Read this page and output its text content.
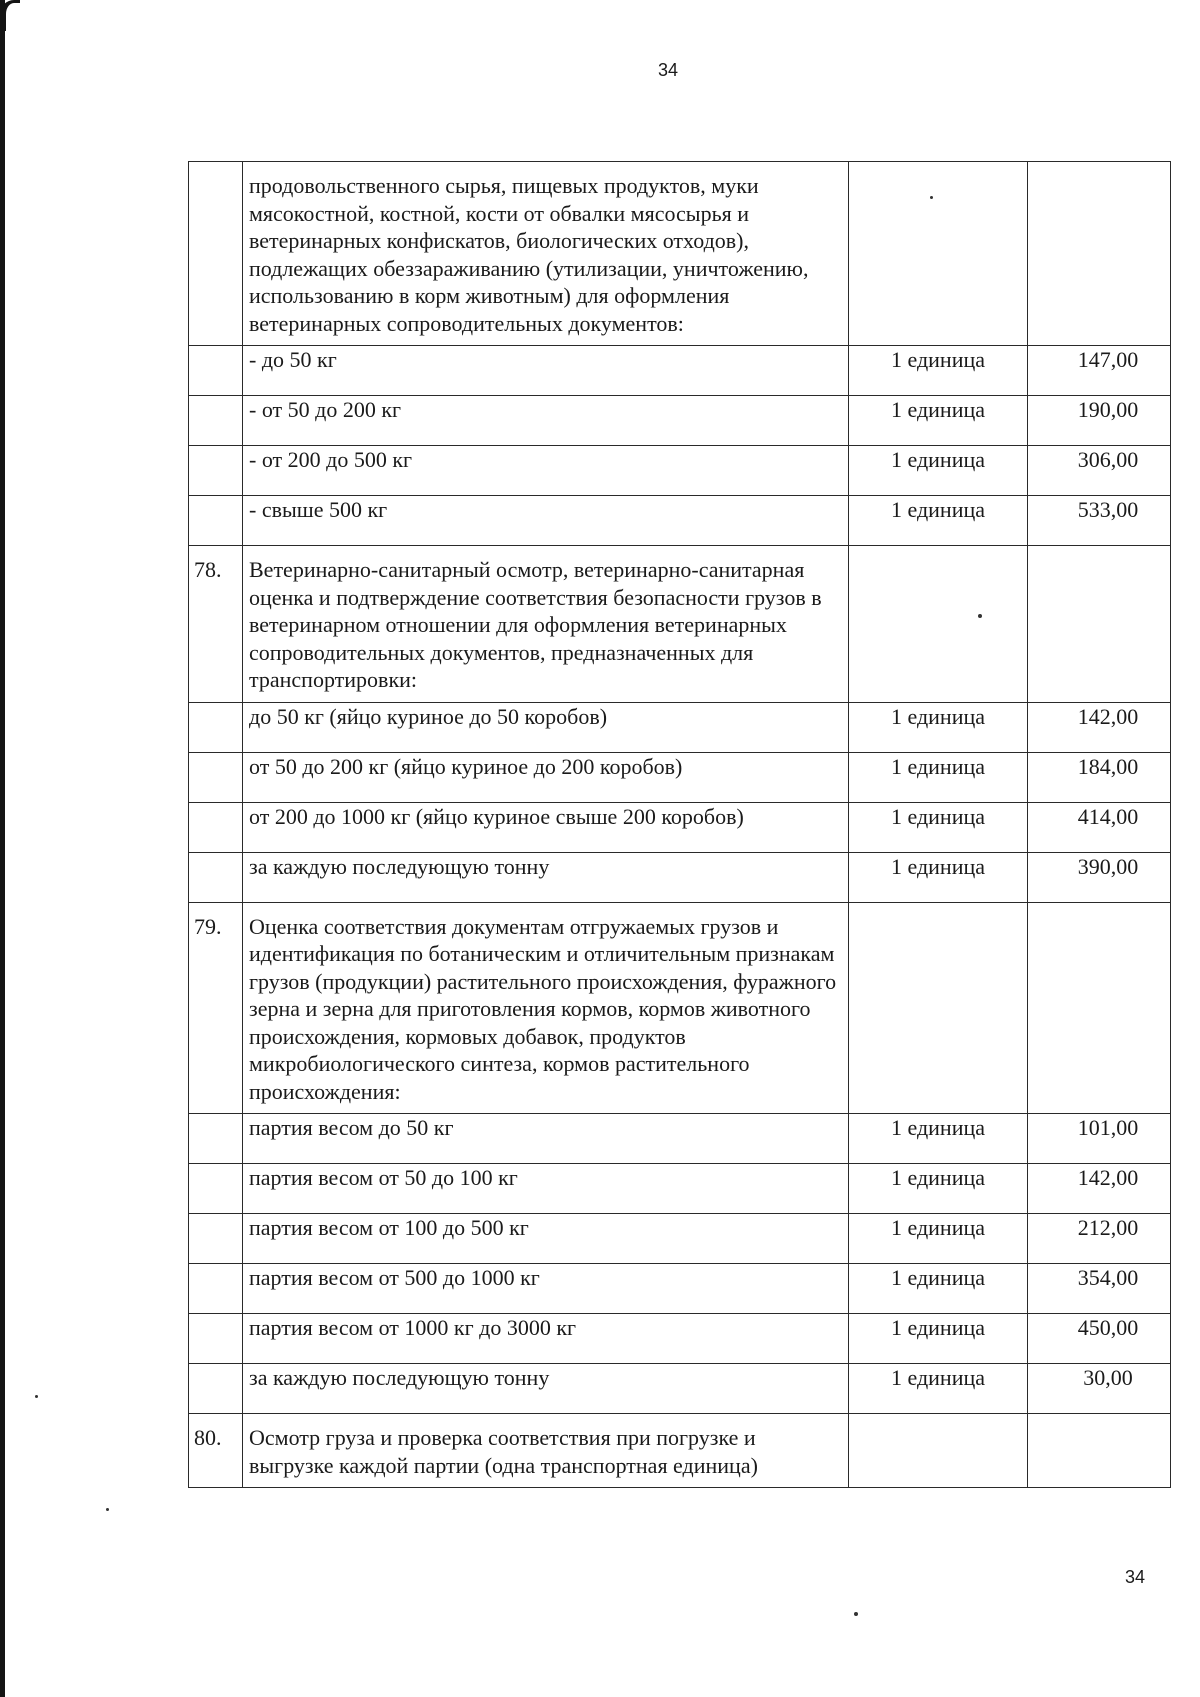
34
	продовольственного сырья, пищевых продуктов, муки мясокостной, костной, кости от обвалки мясосырья и ветеринарных конфискатов, биологических отходов), подлежащих обеззараживанию (утилизации, уничтожению, использованию в корм животным) для оформления ветеринарных сопроводительных документов:		
	- до 50 кг	1 единица	147,00
	- от 50 до 200 кг	1 единица	190,00
	- от 200 до 500 кг	1 единица	306,00
	- свыше 500 кг	1 единица	533,00
78.	Ветеринарно-санитарный осмотр, ветеринарно-санитарная оценка и подтверждение соответствия безопасности грузов в ветеринарном отношении для оформления ветеринарных сопроводительных документов, предназначенных для транспортировки:		
	до 50 кг (яйцо куриное до 50 коробов)	1 единица	142,00
	от 50 до 200 кг (яйцо куриное до 200 коробов)	1 единица	184,00
	от 200 до 1000 кг (яйцо куриное свыше 200 коробов)	1 единица	414,00
	за каждую последующую тонну	1 единица	390,00
79.	Оценка соответствия документам отгружаемых грузов и идентификация по ботаническим и отличительным признакам грузов (продукции) растительного происхождения, фуражного зерна и зерна для приготовления кормов, кормов животного происхождения, кормовых добавок, продуктов микробиологического синтеза, кормов растительного происхождения:		
	партия весом до 50 кг	1 единица	101,00
	партия весом от 50 до 100 кг	1 единица	142,00
	партия весом от 100 до 500 кг	1 единица	212,00
	партия весом от 500 до 1000 кг	1 единица	354,00
	партия весом от 1000 кг до 3000 кг	1 единица	450,00
	за каждую последующую тонну	1 единица	30,00
80.	Осмотр груза и проверка соответствия при погрузке и выгрузке каждой партии (одна транспортная единица)		
34
